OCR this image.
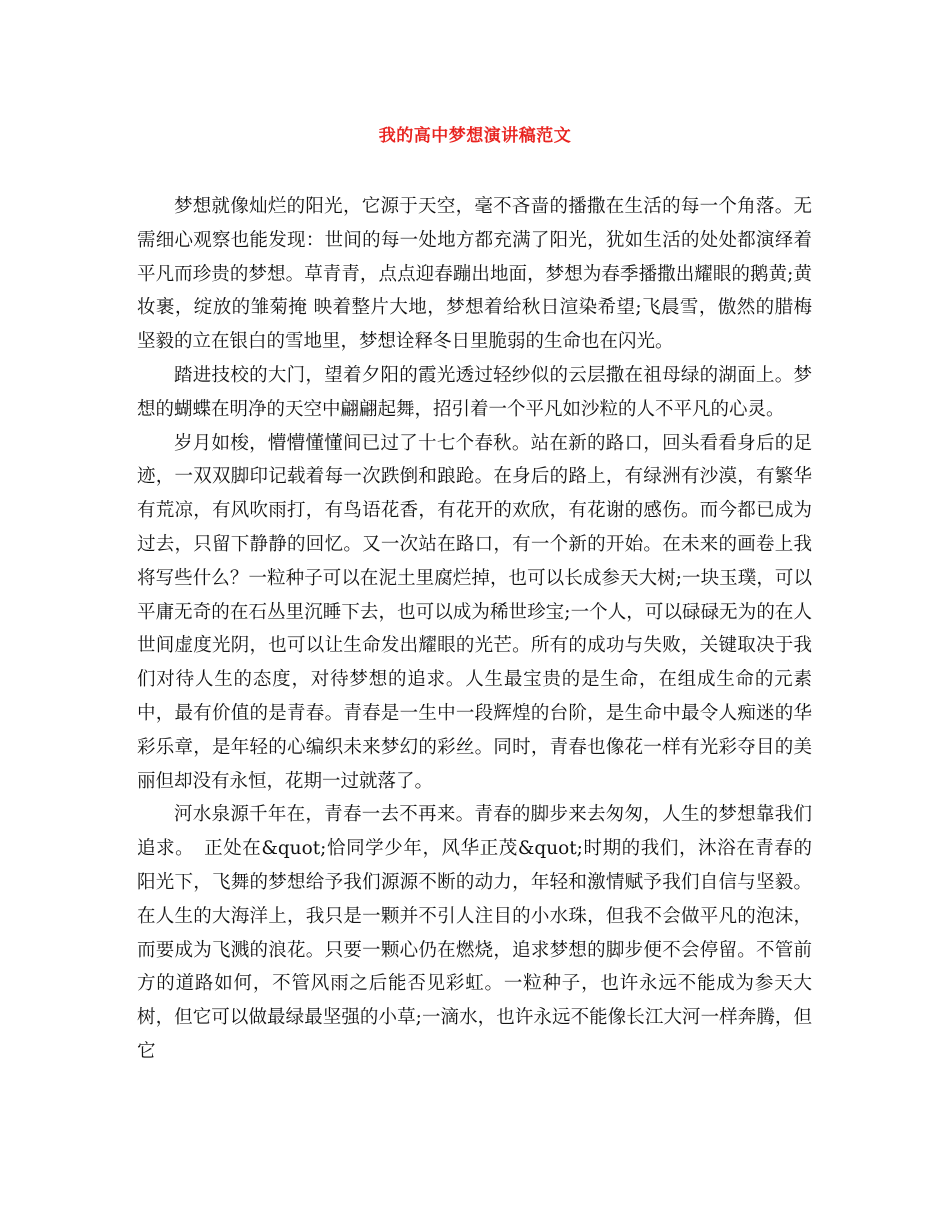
我的高中梦想演讲稿范文

梦想就像灿烂的阳光，它源于天空，毫不吝啬的播撒在生活的每一个角落。无需细心观察也能发现：世间的每一处地方都充满了阳光，犹如生活的处处都演绎着平凡而珍贵的梦想。草青青，点点迎春蹦出地面，梦想为春季播撒出耀眼的鹅黄;黄妆裹，绽放的雏菊掩 映着整片大地，梦想着给秋日渲染希望;飞晨雪，傲然的腊梅坚毅的立在银白的雪地里，梦想诠释冬日里脆弱的生命也在闪光。

踏进技校的大门，望着夕阳的霞光透过轻纱似的云层撒在祖母绿的湖面上。梦想的蝴蝶在明净的天空中翩翩起舞，招引着一个平凡如沙粒的人不平凡的心灵。

岁月如梭，懵懵懂懂间已过了十七个春秋。站在新的路口，回头看看身后的足迹，一双双脚印记载着每一次跌倒和踉跄。在身后的路上，有绿洲有沙漠，有繁华有荒凉，有风吹雨打，有鸟语花香，有花开的欢欣，有花谢的感伤。而今都已成为过去，只留下静静的回忆。又一次站在路口，有一个新的开始。在未来的画卷上我将写些什么？一粒种子可以在泥土里腐烂掉，也可以长成参天大树;一块玉璞，可以平庸无奇的在石丛里沉睡下去，也可以成为稀世珍宝;一个人，可以碌碌无为的在人世间虚度光阴，也可以让生命发出耀眼的光芒。所有的成功与失败，关键取决于我们对待人生的态度，对待梦想的追求。人生最宝贵的是生命，在组成生命的元素中，最有价值的是青春。青春是一生中一段辉煌的台阶，是生命中最令人痴迷的华彩乐章，是年轻的心编织未来梦幻的彩丝。同时，青春也像花一样有光彩夺目的美丽但却没有永恒，花期一过就落了。

河水泉源千年在，青春一去不再来。青春的脚步来去匆匆，人生的梦想靠我们追求。　正处在&quot;恰同学少年，风华正茂&quot;时期的我们，沐浴在青春的阳光下，飞舞的梦想给予我们源源不断的动力，年轻和激情赋予我们自信与坚毅。在人生的大海洋上，我只是一颗并不引人注目的小水珠，但我不会做平凡的泡沫，而要成为飞溅的浪花。只要一颗心仍在燃烧，追求梦想的脚步便不会停留。不管前方的道路如何，不管风雨之后能否见彩虹。一粒种子，也许永远不能成为参天大树，但它可以做最绿最坚强的小草;一滴水，也许永远不能像长江大河一样奔腾，但它
